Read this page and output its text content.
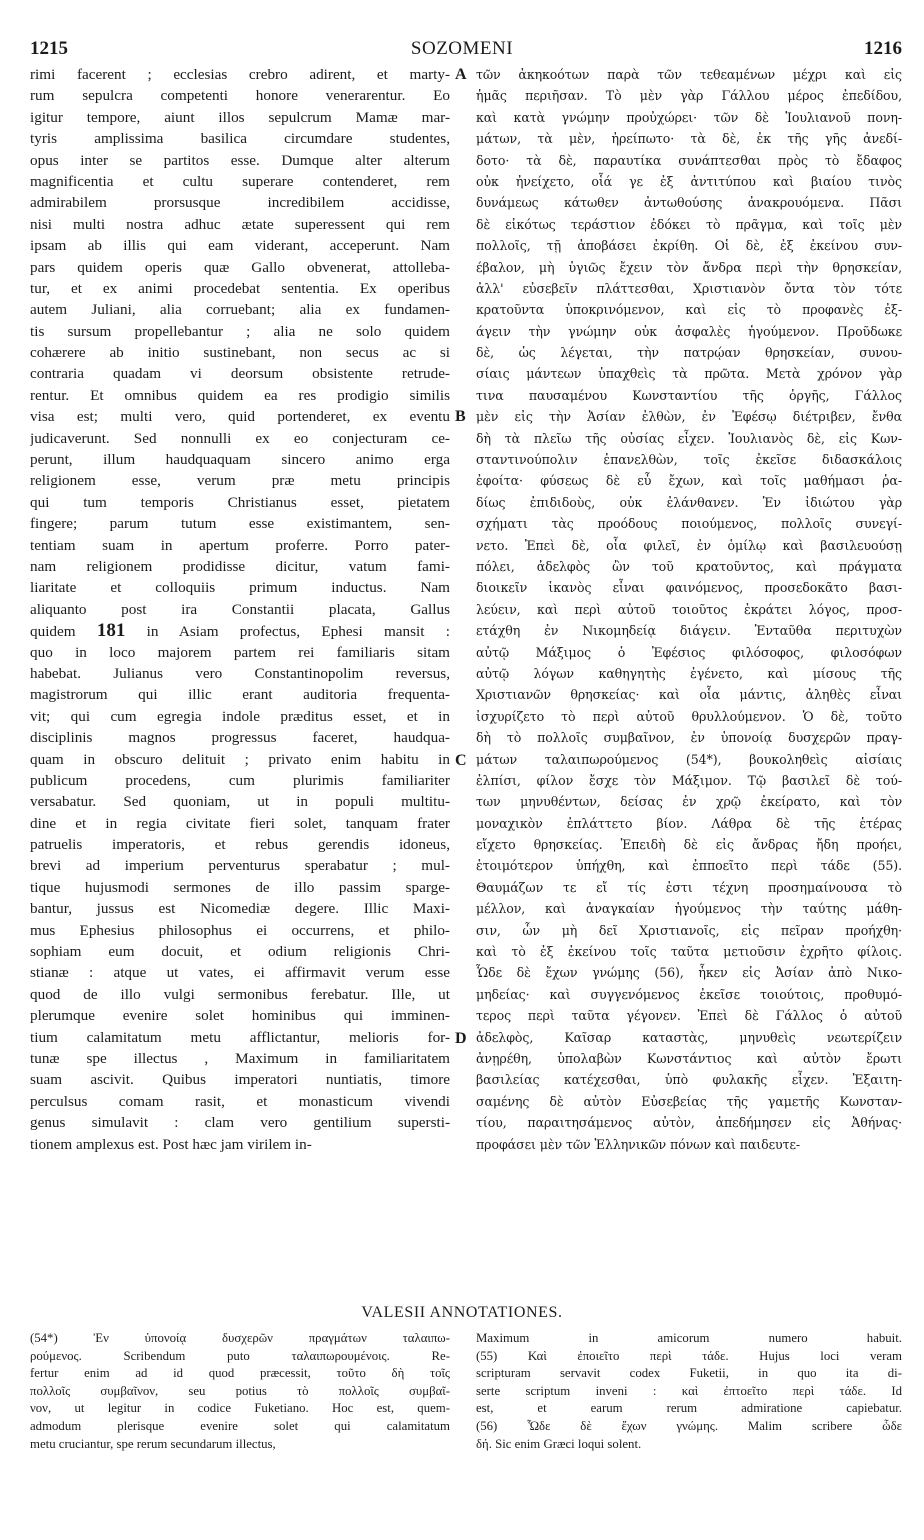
1215	SOZOMENI	1216
rimi facerent ; ecclesias crebro adirent, et marty-
rum sepulcra competenti honore venerarentur. Eo
igitur tempore, aiunt illos sepulcrum Mamæ mar-
tyris amplissima basilica circumdare studentes,
opus inter se partitos esse. Dumque alter alterum
magnificentia et cultu superare contenderet, rem
admirabilem prorsusque incredibilem accidisse,
nisi multi nostra adhuc ætate superessent qui rem
ipsam ab illis qui eam viderant, acceperunt. Nam
pars quidem operis quæ Gallo obvenerat, attolleba-
tur, et ex animi procedebat sententia. Ex operibus
autem Juliani, alia corruebant; alia ex fundamen-
tis sursum propellebantur ; alia ne solo quidem
cohærere ab initio sustinebant, non secus ac si
contraria quadam vi deorsum obsistente retrude-
rentur. Et omnibus quidem ea res prodigio similis
visa est; multi vero, quid portenderet, ex eventu
judicaverunt. Sed nonnulli ex eo conjecturam ce-
perunt, illum haudquaquam sincero animo erga
religionem esse, verum præ metu principis
qui tum temporis Christianus esset, pietatem
fingere; parum tutum esse existimantem, sen-
tentiam suam in apertum proferre. Porro pater-
nam religionem prodidisse dicitur, vatum fami-
liaritate et colloquiis primum inductus. Nam
aliquanto post ira Constantii placata, Gallus
quidem 181 in Asiam profectus, Ephesi mansit :
quo in loco majorem partem rei familiaris sitam
habebat. Julianus vero Constantinopolim reversus,
magistrorum qui illic erant auditoria frequenta-
vit; qui cum egregia indole præditus esset, et in
disciplinis magnos progressus faceret, haudqua-
quam in obscuro delituit ; privato enim habitu in
publicum procedens, cum plurimis familiariter
versabatur. Sed quoniam, ut in populi multitu-
dine et in regia civitate fieri solet, tanquam frater
patruelis imperatoris, et rebus gerendis idoneus,
brevi ad imperium perventurus sperabatur ; mul-
tique hujusmodi sermones de illo passim sparge-
bantur, jussus est Nicomediæ degere. Illic Maxi-
mus Ephesius philosophus ei occurrens, et philo-
sophiam eum docuit, et odium religionis Chri-
stianæ : atque ut vates, ei affirmavit verum esse
quod de illo vulgi sermonibus ferebatur. Ille, ut
plerumque evenire solet hominibus qui imminen-
tium calamitatum metu afflictantur, melioris for-
tunæ spe illectus , Maximum in familiaritatem
suam ascivit. Quibus imperatori nuntiatis, timore
perculsus comam rasit, et monasticum vivendi
genus simulavit : clam vero gentilium supersti-
tionem amplexus est. Post hæc jam virilem in-
τῶν ἀκηκοότων παρὰ τῶν τεθεαμένων μέχρι καὶ εἰς
ἡμᾶς περιῆσαν. Τὸ μὲν γὰρ Γάλλου μέρος ἐπεδίδου,
καὶ κατὰ γνώμην προὐχώρει· τῶν δὲ Ἰουλιανοῦ πονη-
μάτων, τὰ μὲν, ἠρείπωτο· τὰ δὲ, ἐκ τῆς γῆς ἀνεδί-
δοτο· τὰ δὲ, παραυτίκα συνάπτεσθαι πρὸς τὸ ἔδαφος
οὐκ ἠνείχετο, οἷά γε ἐξ ἀντιτύπου καὶ βιαίου τινὸς
δυνάμεως κάτωθεν ἀντωθούσης ἀνακρουόμενα. Πᾶσι
δὲ εἰκότως τεράστιον ἐδόκει τὸ πρᾶγμα, καὶ τοῖς μὲν
πολλοῖς, τῇ ἀποβάσει ἐκρίθη. Οἱ δὲ, ἐξ ἐκείνου συν-
έβαλον, μὴ ὑγιῶς ἔχειν τὸν ἄνδρα περὶ τὴν θρησκείαν,
ἀλλ' εὐσεβεῖν πλάττεσθαι, Χριστιανὸν ὄντα τὸν τότε
κρατοῦντα ὑποκρινόμενον, καὶ εἰς τὸ προφανὲς ἐξ-
άγειν τὴν γνώμην οὐκ ἀσφαλὲς ἡγούμενον. Προῦδωκε
δὲ, ὡς λέγεται, τὴν πατρῴαν θρησκείαν, συνου-
σίαις μάντεων ὑπαχθεὶς τὰ πρῶτα. Μετὰ χρόνον γὰρ
τινα παυσαμένου Κωνσταντίου τῆς ὀργῆς, Γάλλος
μὲν εἰς τὴν Ἀσίαν ἐλθὼν, ἐν Ἐφέσῳ διέτριβεν, ἔνθα
δὴ τὰ πλεῖω τῆς οὐσίας εἶχεν. Ἰουλιανὸς δὲ, εἰς Κων-
σταντινούπολιν ἐπανελθὼν, τοῖς ἐκεῖσε διδασκάλοις
ἐφοίτα· φύσεως δὲ εὖ ἔχων, καὶ τοῖς μαθήμασι ῥα-
δίως ἐπιδιδοὺς, οὐκ ἐλάνθανεν. Ἐν ἰδιώτου γὰρ
σχήματι τὰς προόδους ποιούμενος, πολλοῖς συνεγί-
νετο. Ἐπεὶ δὲ, οἷα φιλεῖ, ἐν ὁμίλῳ καὶ βασιλευούσῃ
πόλει, ἀδελφὸς ὢν τοῦ κρατοῦντος, καὶ πράγματα
διοικεῖν ἱκανὸς εἶναι φαινόμενος, προσεδοκᾶτο βασι-
λεύειν, καὶ περὶ αὐτοῦ τοιοῦτος ἐκράτει λόγος, προσ-
ετάχθη ἐν Νικομηδείᾳ διάγειν. Ἐνταῦθα περιτυχὼν
αὐτῷ Μάξιμος ὁ Ἐφέσιος φιλόσοφος, φιλοσόφων
αὐτῷ λόγων καθηγητὴς ἐγένετο, καὶ μίσους τῆς
Χριστιανῶν θρησκείας· καὶ οἷα μάντις, ἀληθὲς εἶναι
ἰσχυρίζετο τὸ περὶ αὐτοῦ θρυλλούμενον. Ὁ δὲ, τοῦτο
δὴ τὸ πολλοῖς συμβαῖνον, ἐν ὑπονοίᾳ δυσχερῶν πραγ-
μάτων ταλαιπωρούμενος (54*), βουκοληθεὶς αἰσίαις
ἐλπίσι, φίλον ἔσχε τὸν Μάξιμον. Τῷ βασιλεῖ δὲ τού-
των μηνυθέντων, δείσας ἐν χρῷ ἐκείρατο, καὶ τὸν
μοναχικὸν ἐπλάττετο βίον. Λάθρα δὲ τῆς ἑτέρας
εἴχετο θρησκείας. Ἐπειδὴ δὲ εἰς ἄνδρας ἤδη προήει,
ἑτοιμότερον ὑπήχθη, καὶ ἐπποεῖτο περὶ τάδε (55).
Θαυμάζων τε εἴ τίς ἐστι τέχνη προσημαίνουσα τὸ
μέλλον, καὶ ἀναγκαίαν ἡγούμενος τὴν ταύτης μάθη-
σιν, ὧν μὴ δεῖ Χριστιανοῖς, εἰς πεῖραν προήχθη·
καὶ τὸ ἐξ ἐκείνου τοῖς ταῦτα μετιοῦσιν ἐχρῆτο φίλοις.
Ὧδε δὲ ἔχων γνώμης (56), ἧκεν εἰς Ἀσίαν ἀπὸ Νικο-
μηδείας· καὶ συγγενόμενος ἐκεῖσε τοιούτοις, προθυμό-
τερος περὶ ταῦτα γέγονεν. Ἐπεὶ δὲ Γάλλος ὁ αὐτοῦ
ἀδελφὸς, Καῖσαρ καταστὰς, μηνυθεὶς νεωτερίζειν
ἀνῃρέθη, ὑπολαβὼν Κωνστάντιος καὶ αὐτὸν ἔρωτι
βασιλείας κατέχεσθαι, ὑπὸ φυλακῆς εἶχεν. Ἐξαιτη-
σαμένης δὲ αὐτὸν Εὐσεβείας τῆς γαμετῆς Κωνσταν-
τίου, παραιτησάμενος αὐτὸν, ἀπεδήμησεν εἰς Ἀθήνας·
προφάσει μὲν τῶν Ἑλληνικῶν πόνων καὶ παιδευτε-
A
B
C
D
VALESII ANNOTATIONES.
(54*) Ἐν ὑπονοίᾳ δυσχερῶν πραγμάτων ταλαιπω-
ρούμενος. Scribendum puto ταλαιπωρουμένοις. Re-
fertur enim ad id quod præcessit, τοῦτο δὴ τοῖς
πολλοῖς συμβαῖνον, seu potius τὸ πολλοῖς συμβαῖ-
νον, ut legitur in codice Fuketiano. Hoc est, quem-
admodum plerisque evenire solet qui calamitatum
metu cruciantur, spe rerum secundarum illectus,
Maximum in amicorum numero habuit.
(55) Καὶ ἐποιεῖτο περὶ τάδε. Hujus loci veram
scripturam servavit codex Fuketii, in quo ita di-
serte scriptum inveni : καὶ ἐπτοεῖτο περὶ τάδε. Id
est, et earum rerum admiratione capiebatur.
(56) Ὧδε δὲ ἔχων γνώμης. Malim scribere ὧδε
δή. Sic enim Græci loqui solent.
